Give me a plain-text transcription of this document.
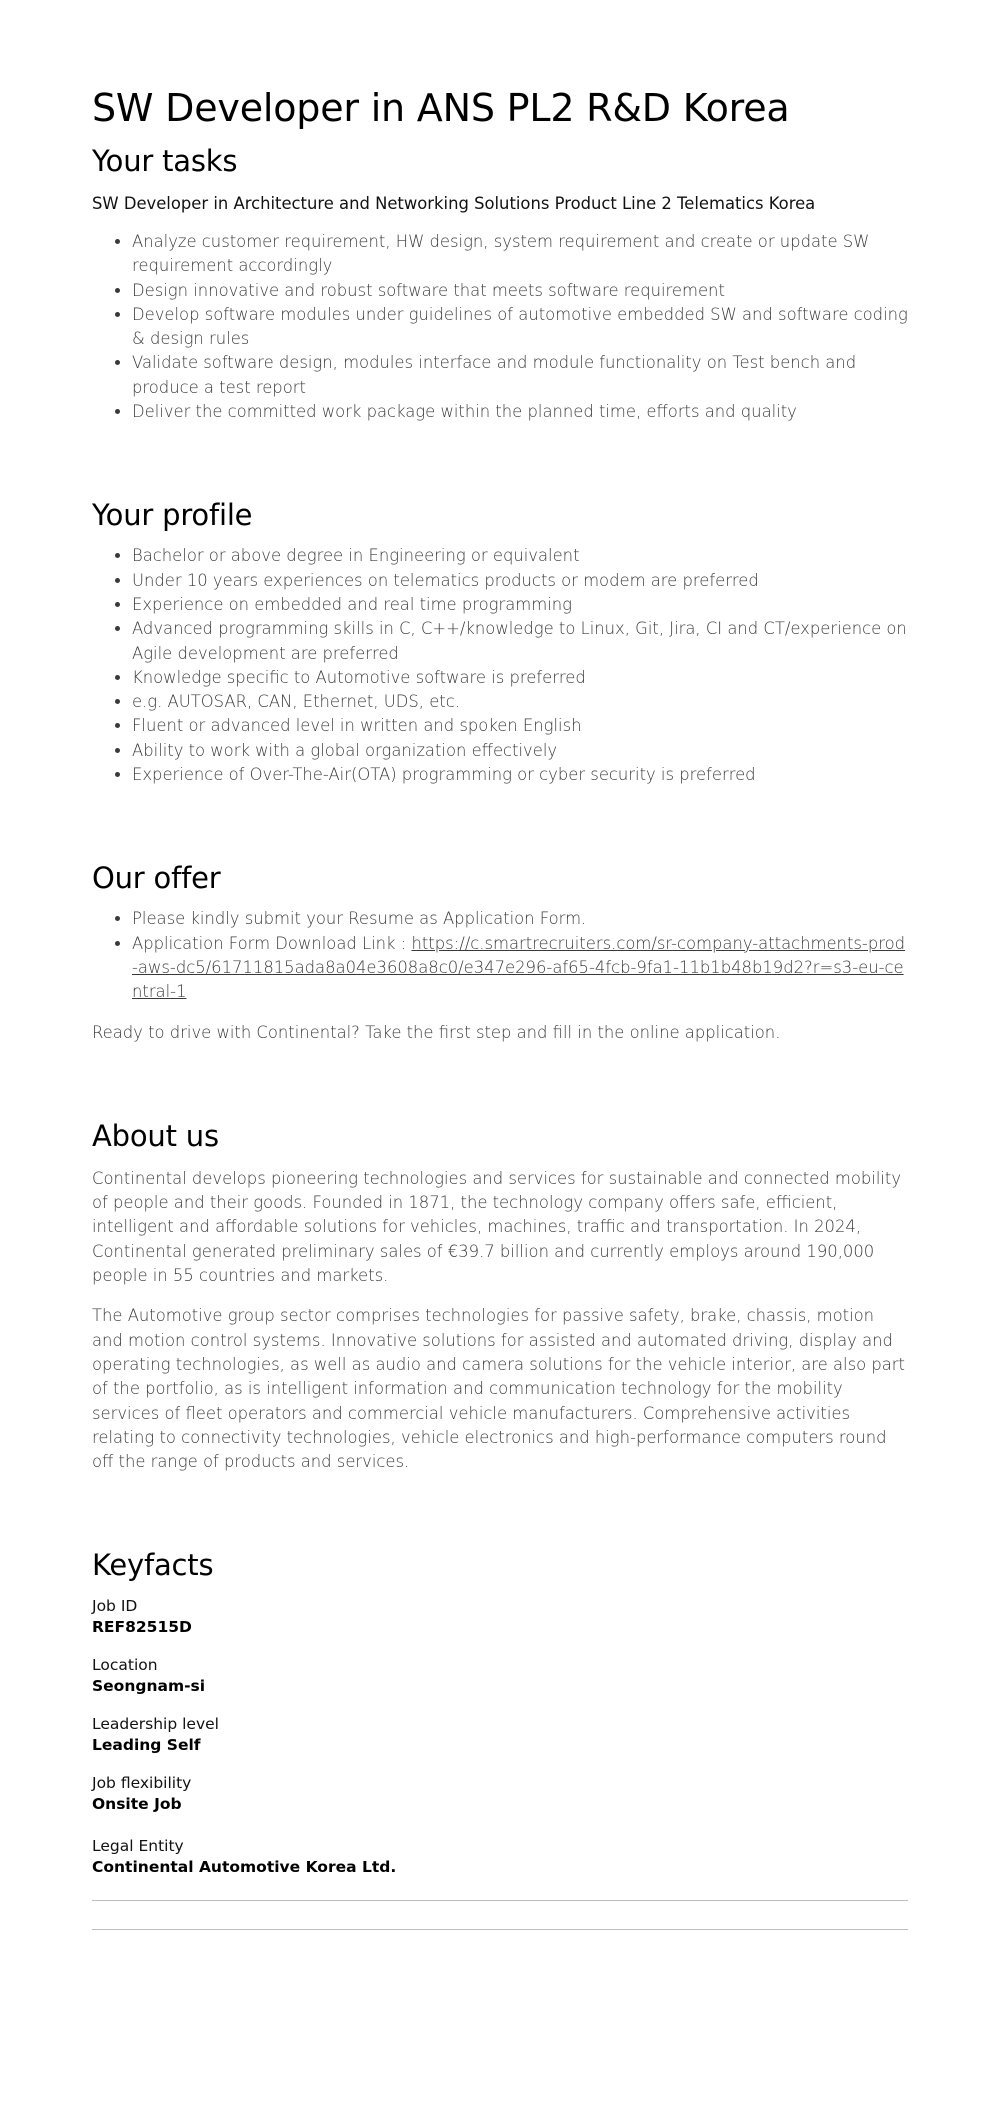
SW Developer in ANS PL2 R&D Korea
Your tasks
SW Developer in Architecture and Networking Solutions Product Line 2 Telematics Korea
• Analyze customer requirement, HW design, system requirement and create or update SW requirement accordingly
• Design innovative and robust software that meets software requirement
• Develop software modules under guidelines of automotive embedded SW and software coding & design rules
• Validate software design, modules interface and module functionality on Test bench and produce a test report
• Deliver the committed work package within the planned time, efforts and quality
Your profile
• Bachelor or above degree in Engineering or equivalent
• Under 10 years experiences on telematics products or modem are preferred
• Experience on embedded and real time programming
• Advanced programming skills in C, C++/knowledge to Linux, Git, Jira, CI and CT/experience on Agile development are preferred
• Knowledge specific to Automotive software is preferred
• e.g. AUTOSAR, CAN, Ethernet, UDS, etc.
• Fluent or advanced level in written and spoken English
• Ability to work with a global organization effectively
• Experience of Over-The-Air(OTA) programming or cyber security is preferred
Our offer
• Please kindly submit your Resume as Application Form.
• Application Form Download Link : https://c.smartrecruiters.com/sr-company-attachments-prod-aws-dc5/61711815ada8a04e3608a8c0/e347e296-af65-4fcb-9fa1-11b1b48b19d2?r=s3-eu-central-1

Ready to drive with Continental? Take the first step and fill in the online application.

About us

Continental develops pioneering technologies and services for sustainable and connected mobility of people and their goods. Founded in 1871, the technology company offers safe, efficient, intelligent and affordable solutions for vehicles, machines, traffic and transportation. In 2024, Continental generated preliminary sales of €39.7 billion and currently employs around 190,000 people in 55 countries and markets.

The Automotive group sector comprises technologies for passive safety, brake, chassis, motion and motion control systems. Innovative solutions for assisted and automated driving, display and operating technologies, as well as audio and camera solutions for the vehicle interior, are also part of the portfolio, as is intelligent information and communication technology for the mobility services of fleet operators and commercial vehicle manufacturers. Comprehensive activities relating to connectivity technologies, vehicle electronics and high-performance computers round off the range of products and services.

Keyfacts
Job ID
REF82515D
Location
Seongnam-si
Leadership level
Leading Self
Job flexibility
Onsite Job
Legal Entity
Continental Automotive Korea Ltd.
